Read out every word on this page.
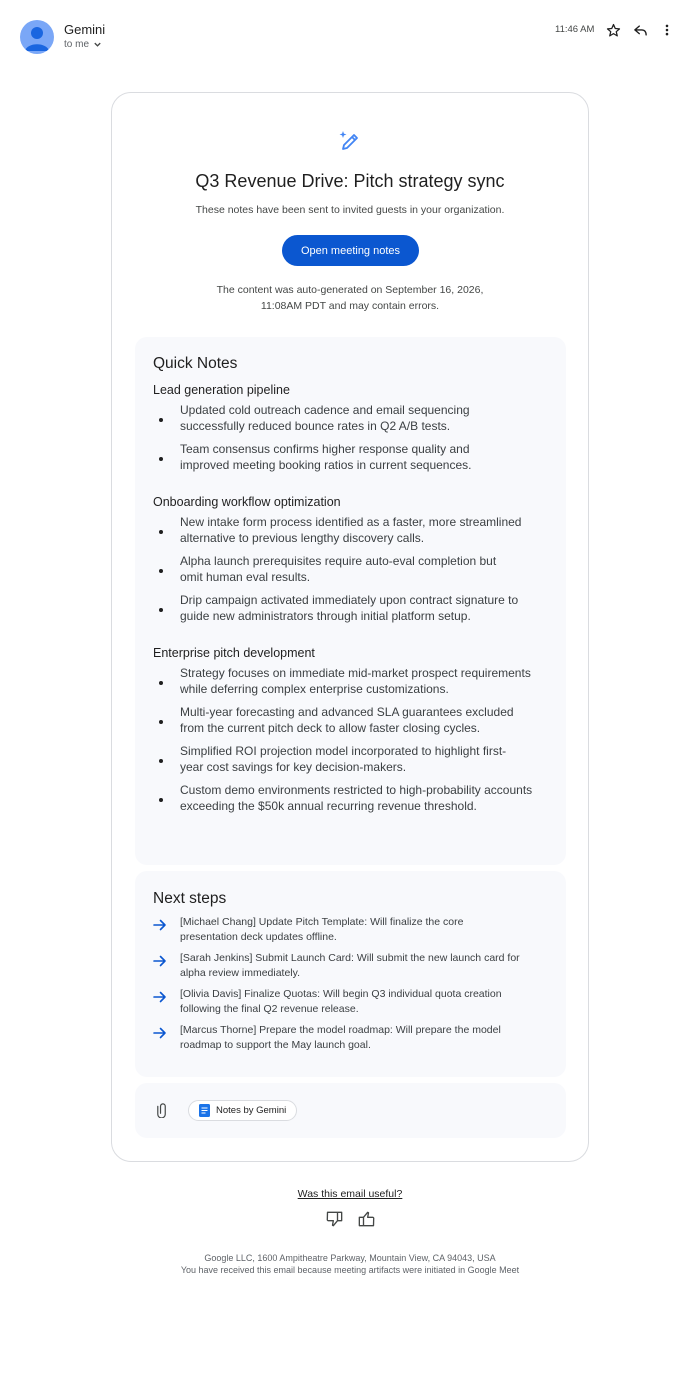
Gemini
to me
11:46 AM
Q3 Revenue Drive: Pitch strategy sync
These notes have been sent to invited guests in your organization.
Open meeting notes
The content was auto-generated on September 16, 2026,
11:08AM PDT and may contain errors.
Quick Notes
Lead generation pipeline
Updated cold outreach cadence and email sequencing
successfully reduced bounce rates in Q2 A/B tests.
Team consensus confirms higher response quality and
improved meeting booking ratios in current sequences.
Onboarding workflow optimization
New intake form process identified as a faster, more streamlined
alternative to previous lengthy discovery calls.
Alpha launch prerequisites require auto-eval completion but
omit human eval results.
Drip campaign activated immediately upon contract signature to
guide new administrators through initial platform setup.
Enterprise pitch development
Strategy focuses on immediate mid-market prospect requirements
while deferring complex enterprise customizations.
Multi-year forecasting and advanced SLA guarantees excluded
from the current pitch deck to allow faster closing cycles.
Simplified ROI projection model incorporated to highlight first-
year cost savings for key decision-makers.
Custom demo environments restricted to high-probability accounts
exceeding the $50k annual recurring revenue threshold.
Next steps
[Michael Chang] Update Pitch Template: Will finalize the core
presentation deck updates offline.
[Sarah Jenkins] Submit Launch Card: Will submit the new launch card for
alpha review immediately.
[Olivia Davis] Finalize Quotas: Will begin Q3 individual quota creation
following the final Q2 revenue release.
[Marcus Thorne] Prepare the model roadmap: Will prepare the model
roadmap to support the May launch goal.
Notes by Gemini
Was this email useful?
Google LLC, 1600 Ampitheatre Parkway, Mountain View, CA 94043, USA
You have received this email because meeting artifacts were initiated in Google Meet
